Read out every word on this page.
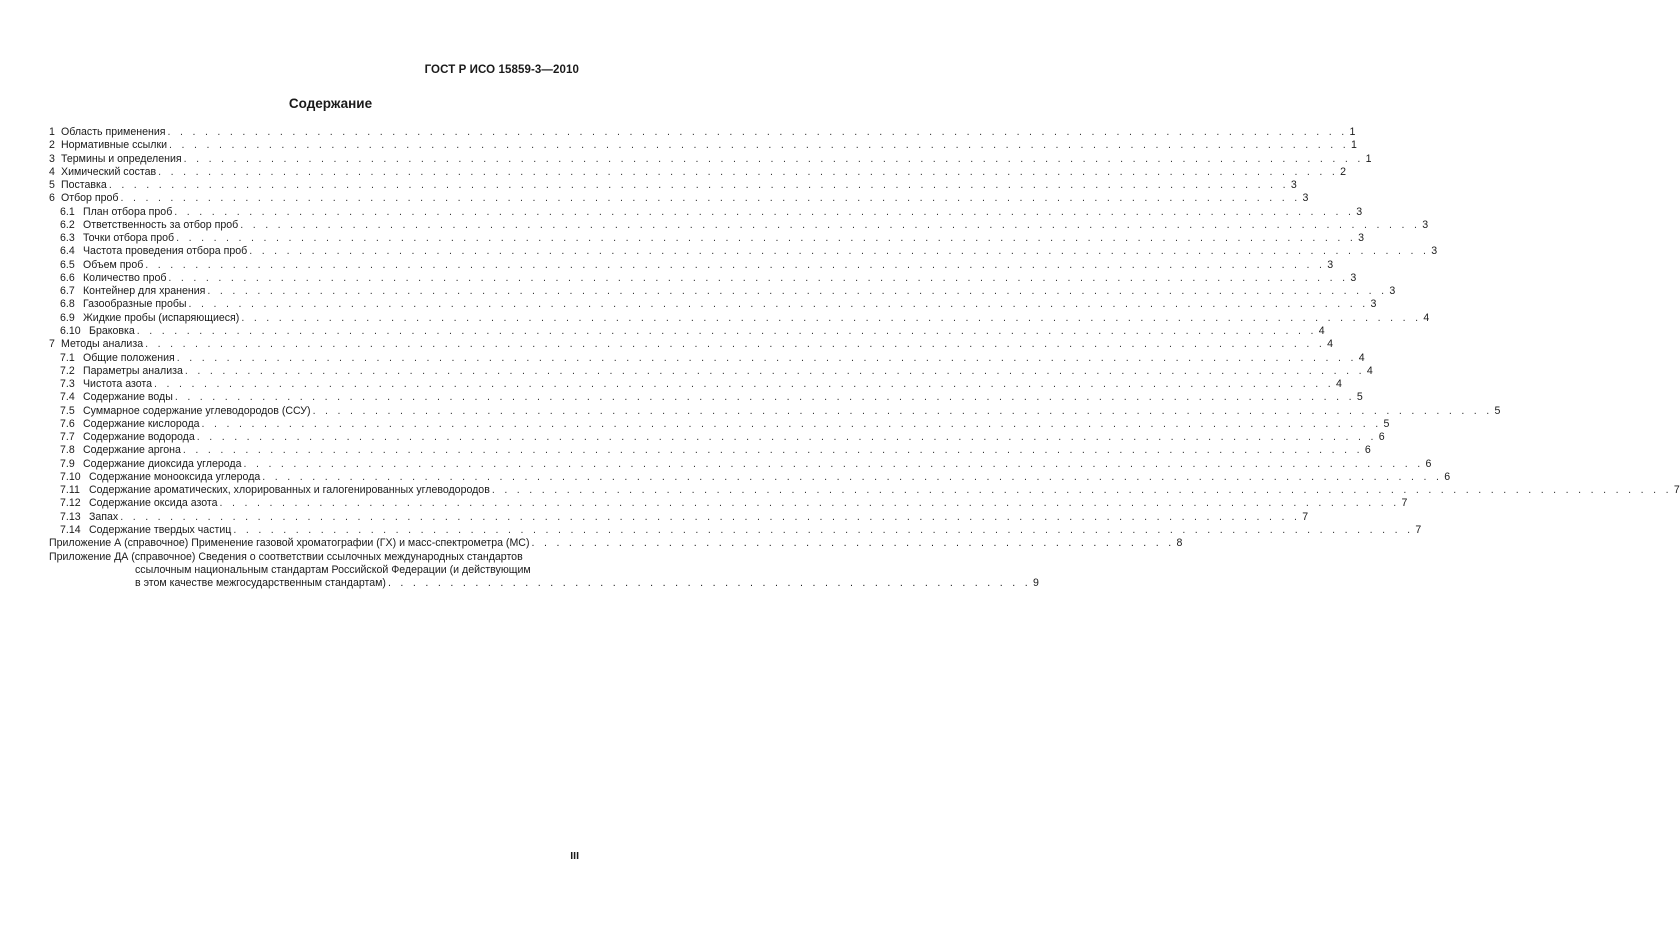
ГОСТ Р ИСО 15859-3—2010
Содержание
1 Область применения . . .	1
2 Нормативные ссылки . . .	1
3 Термины и определения . . .	1
4 Химический состав . . .	2
5 Поставка . . .	3
6 Отбор проб . . .	3
6.1 План отбора проб . . .	3
6.2 Ответственность за отбор проб . . .	3
6.3 Точки отбора проб . . .	3
6.4 Частота проведения отбора проб . . .	3
6.5 Объем проб . . .	3
6.6 Количество проб . . .	3
6.7 Контейнер для хранения . . .	3
6.8 Газообразные пробы . . .	3
6.9 Жидкие пробы (испаряющиеся) . . .	4
6.10 Браковка . . .	4
7 Методы анализа . . .	4
7.1 Общие положения . . .	4
7.2 Параметры анализа . . .	4
7.3 Чистота азота . . .	4
7.4 Содержание воды . . .	5
7.5 Суммарное содержание углеводородов (ССУ) . . .	5
7.6 Содержание кислорода . . .	5
7.7 Содержание водорода . . .	6
7.8 Содержание аргона . . .	6
7.9 Содержание диоксида углерода . . .	6
7.10 Содержание монооксида углерода . . .	6
7.11 Содержание ароматических, хлорированных и галогенированных углеводородов . . .	7
7.12 Содержание оксида азота . . .	7
7.13 Запах . . .	7
7.14 Содержание твердых частиц . . .	7
Приложение А (справочное) Применение газовой хроматографии (ГХ) и масс-спектрометра (МС) . . . . . . . . . . . . . . . . . . . . . . . . . . . . . . . . . . . . . . . . . . . . . . . . . . . . 8
Приложение ДА (справочное) Сведения о соответствии ссылочных международных стандартов
ссылочным национальным стандартам Российской Федерации (и действующим
в этом качестве межгосударственным стандартам) . . . . . . . . . . . . . . . . . . . . . . . . . . . . . . . . . . . . . . . . . . . . . . . . . . . . 9
III
